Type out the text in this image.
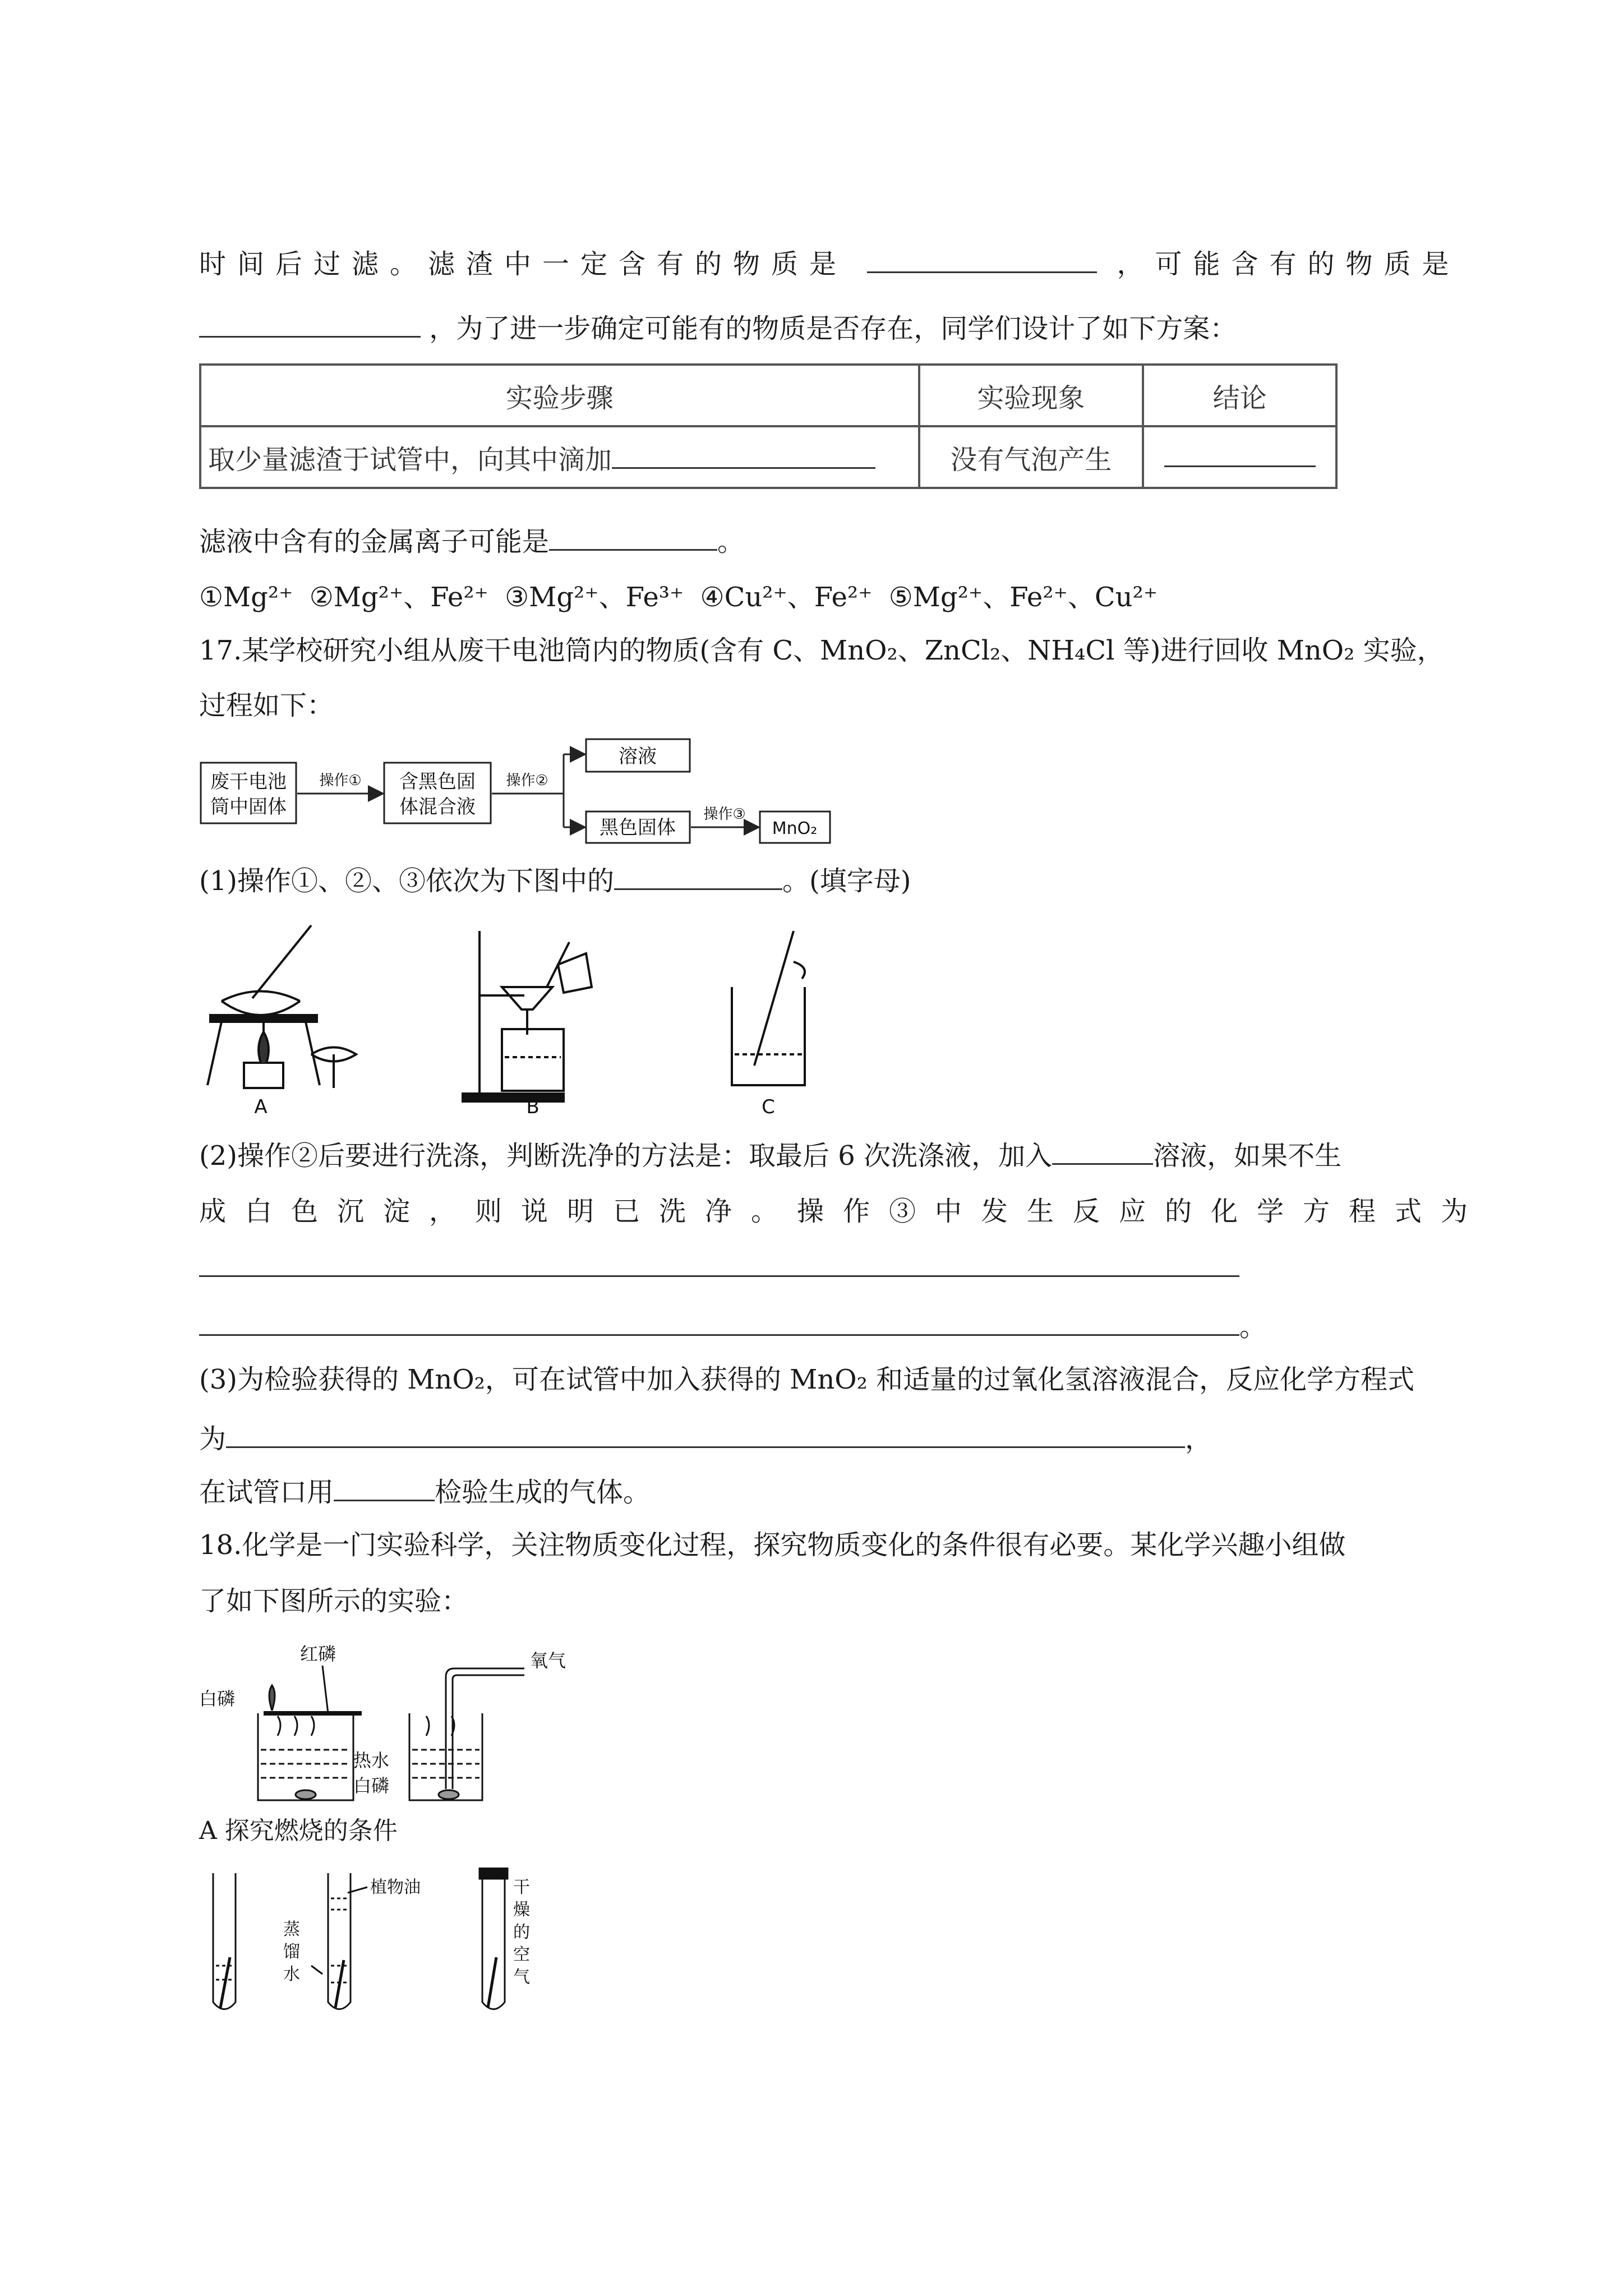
时间后过滤。滤渣中一定含有的物质是	，可能含有的物质是
，为了进一步确定可能有的物质是否存在，同学们设计了如下方案：
实验步骤	实验现象	结论
取少量滤渣于试管中，向其中滴加	没有气泡产生	
滤液中含有的金属离子可能是	。
①Mg²⁺ ②Mg²⁺、Fe²⁺ ③Mg²⁺、Fe³⁺ ④Cu²⁺、Fe²⁺ ⑤Mg²⁺、Fe²⁺、Cu²⁺
17.某学校研究小组从废干电池筒内的物质(含有 C、MnO₂、ZnCl₂、NH₄Cl 等)进行回收 MnO₂ 实验，
过程如下：
废干电池
筒中固体
操作① 含黑色固
体混合液
操作②
溶液
黑色固体
操作③
MnO₂
(1)操作①、②、③依次为下图中的	。(填字母)
A	B	C
(2)操作②后要进行洗涤，判断洗净的方法是：取最后 6 次洗涤液，加入	溶液，如果不生
成白色沉淀，则说明已洗净。操作③中发生反应的化学方程式为
。
(3)为检验获得的 MnO₂，可在试管中加入获得的 MnO₂ 和适量的过氧化氢溶液混合，反应化学方程式
为	，
在试管口用	检验生成的气体。
18.化学是一门实验科学，关注物质变化过程，探究物质变化的条件很有必要。某化学兴趣小组做
了如下图所示的实验：
白磷
红磷
热水
白磷
氧气
A 探究燃烧的条件
植物油
蒸
馏
水
干
燥
的
空
气
